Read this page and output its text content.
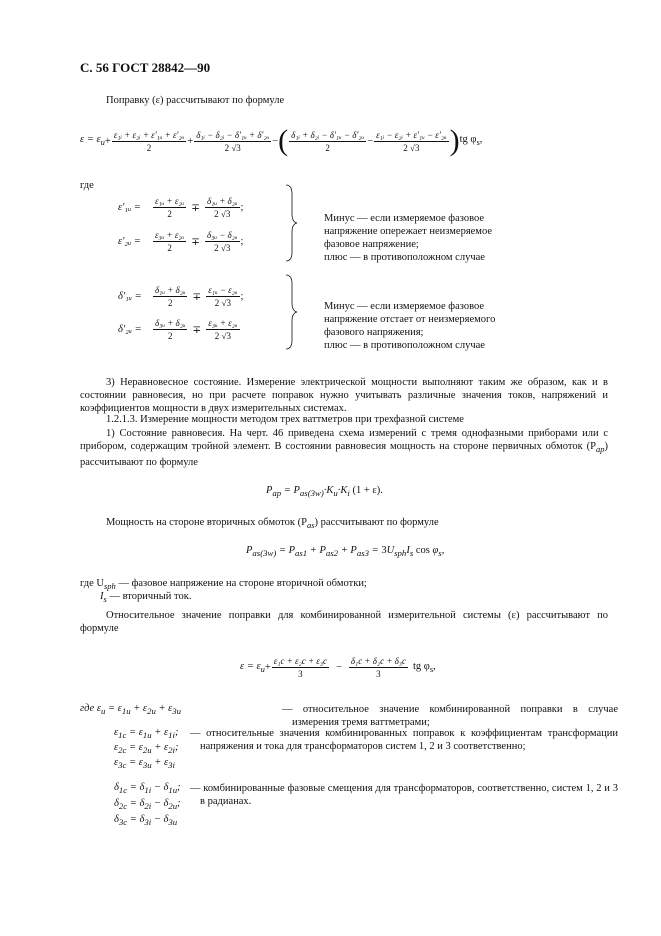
С. 56 ГОСТ 28842—90
Поправку (ε) рассчитывают по формуле
$\varepsilon = \varepsilon_u + \frac{\text{ε₁ᵢ + ε₂ᵢ + ε′₁ᵤ + ε′₂ᵤ}}{2} + \frac{\text{δ₁ᵢ − δ₂ᵢ − δ′₁ᵤ + δ′₂ᵤ}}{2 √3}$ − ( $\frac{\text{δ₁ᵢ + δ₂ᵢ − δ′₁ᵤ − δ′₂ᵤ}}{2} - \frac{\text{ε₁ᵢ − ε₂ᵢ + ε′₁ᵤ − ε′₂ᵤ}}{2 √3}$ ) tg $\varphi_s$,
где
ε′₁ᵤ =	$\frac{\text{ε₁ᵤ + ε₂ᵤ}}{2} \mp \frac{\text{δ₁ᵤ + δ₂ᵤ}}{2 √3}$ ;
ε′₂ᵤ =	$\frac{\text{ε₃ᵤ + ε₂ᵤ}}{2} \mp \frac{\text{δ₃ᵤ − δ₂ᵤ}}{2 √3}$ ;
Минус — если измеряемое фазовое
напряжение опережает неизмеряемое
фазовое напряжение;
плюс — в противоположном случае
δ′₁ᵤ =	$\frac{\text{δ₁ᵤ + δ₂ᵤ}}{2} \mp \frac{\text{ε₁ᵤ − ε₂ᵤ}}{2 √3}$ ;
δ′₂ᵤ =	$\frac{\text{δ₃ᵤ + δ₂ᵤ}}{2} \mp \frac{\text{ε₃ᵤ + ε₂ᵤ}}{2 √3}$
Минус — если измеряемое фазовое
напряжение отстает от неизмеряемого
фазового напряжения;
плюс — в противоположном случае
3) Неравновесное состояние. Измерение электрической мощности выполняют таким же образом, как и в состоянии равновесия, но при расчете поправок нужно учитывать различные значения токов, напряжений и коэффициентов мощности в двух измерительных системах.
1.2.1.3. Измерение мощности методом трех ваттметров при трехфазной системе
1) Состояние равновесия. На черт. 46 приведена схема измерений с тремя однофазными приборами или с прибором, содержащим тройной элемент. В состоянии равновесия мощность на стороне первичных обмоток $(P_{ap})$ рассчитывают по формуле
$P_{ap} = P_{as(3w)}\cdot K_u\cdot K_i$ (1 + ε).
Мощность на стороне вторичных обмоток $(P_{as})$ рассчитывают по формуле
$P_{as(3w)} = P_{as1} + P_{as2} + P_{as3} = 3U_{sph}I_s$ $\cos \varphi_s$,
где $U_{sph}$ — фазовое напряжение на стороне вторичной обмотки;
$I_s$ — вторичный ток.
Относительное значение поправки для комбинированной измерительной системы (ε) рассчитывают по формуле
$\varepsilon = \varepsilon_u + \frac{\text{ε₁c + ε₂c + ε₃c}}{3} - \frac{\text{δ₁c + δ₂c + δ₃c}}{3}$ tg $\varphi_s$,
где $\varepsilon_u = \varepsilon_{1u} + \varepsilon_{2u} + \varepsilon_{3u}$	— относительное значение комбинированной поправки в случае измерения тремя ваттметрами;
$\varepsilon_{1c} = \varepsilon_{1u} + \varepsilon_{1i}$;
$\varepsilon_{2c} = \varepsilon_{2u} + \varepsilon_{2i}$;
$\varepsilon_{3c} = \varepsilon_{3u} + \varepsilon_{3i}$
— относительные значения комбинированных поправок к коэффициентам трансформации напряжения и тока для трансформаторов систем 1, 2 и 3 соответственно;
$\delta_{1c} = \delta_{1i} - \delta_{1u}$;
$\delta_{2c} = \delta_{2i} - \delta_{2u}$;
$\delta_{3c} = \delta_{3i} - \delta_{3u}$
— комбинированные фазовые смещения для трансформаторов, соответственно, систем 1, 2 и 3 в радианах.
